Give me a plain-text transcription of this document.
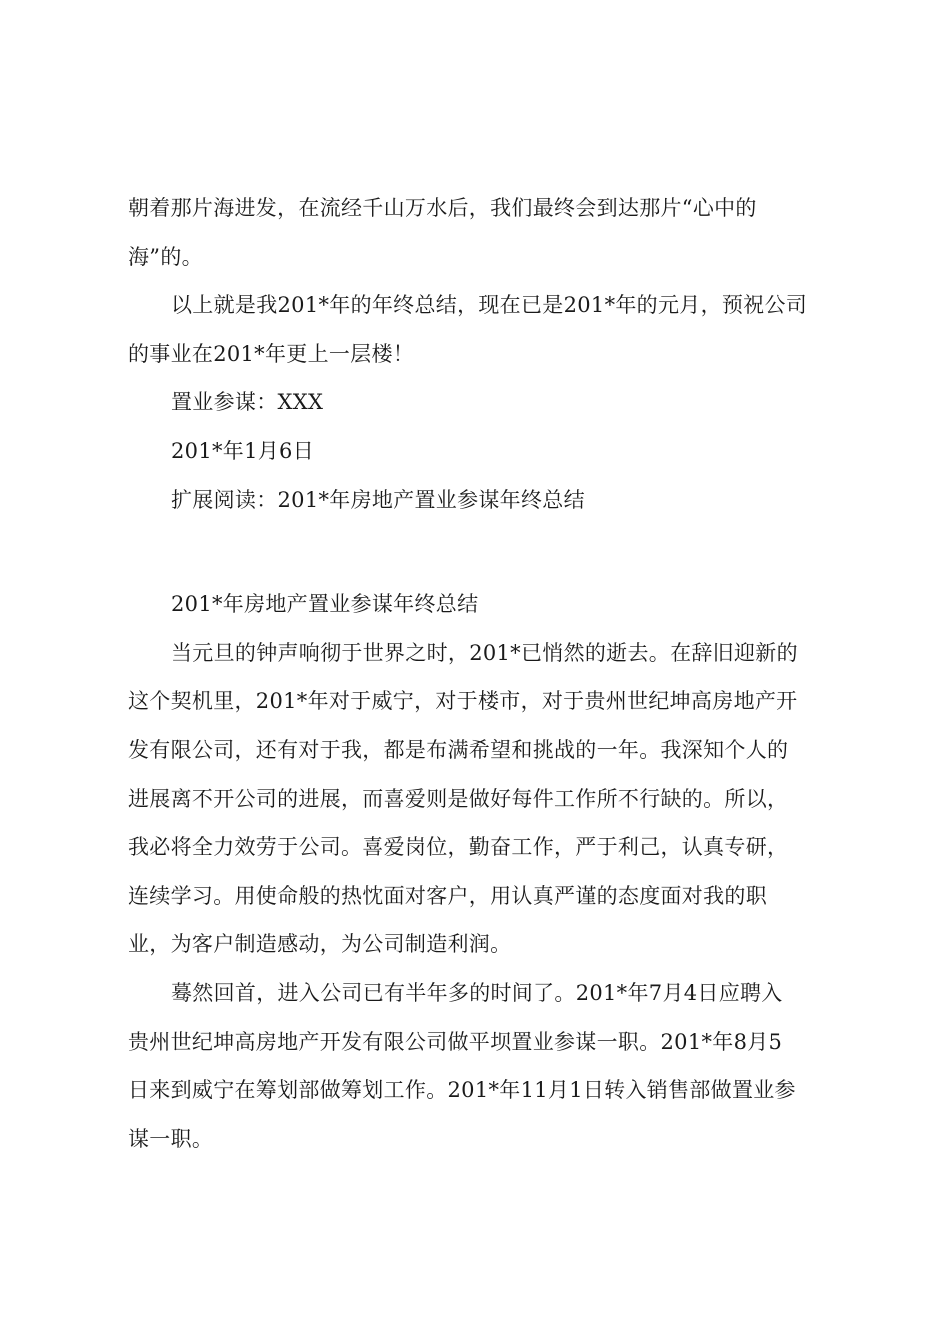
朝着那片海进发，在流经千山万水后，我们最终会到达那片“心中的
海”的。
以上就是我201*年的年终总结，现在已是201*年的元月，预祝公司
的事业在201*年更上一层楼！
置业参谋：XXX
201*年1月6日
扩展阅读：201*年房地产置业参谋年终总结
201*年房地产置业参谋年终总结
当元旦的钟声响彻于世界之时，201*已悄然的逝去。在辞旧迎新的
这个契机里，201*年对于威宁，对于楼市，对于贵州世纪坤高房地产开
发有限公司，还有对于我，都是布满希望和挑战的一年。我深知个人的
进展离不开公司的进展，而喜爱则是做好每件工作所不行缺的。所以，
我必将全力效劳于公司。喜爱岗位，勤奋工作，严于利己，认真专研，
连续学习。用使命般的热忱面对客户，用认真严谨的态度面对我的职
业，为客户制造感动，为公司制造利润。
蓦然回首，进入公司已有半年多的时间了。201*年7月4日应聘入
贵州世纪坤高房地产开发有限公司做平坝置业参谋一职。201*年8月5
日来到威宁在筹划部做筹划工作。201*年11月1日转入销售部做置业参
谋一职。
